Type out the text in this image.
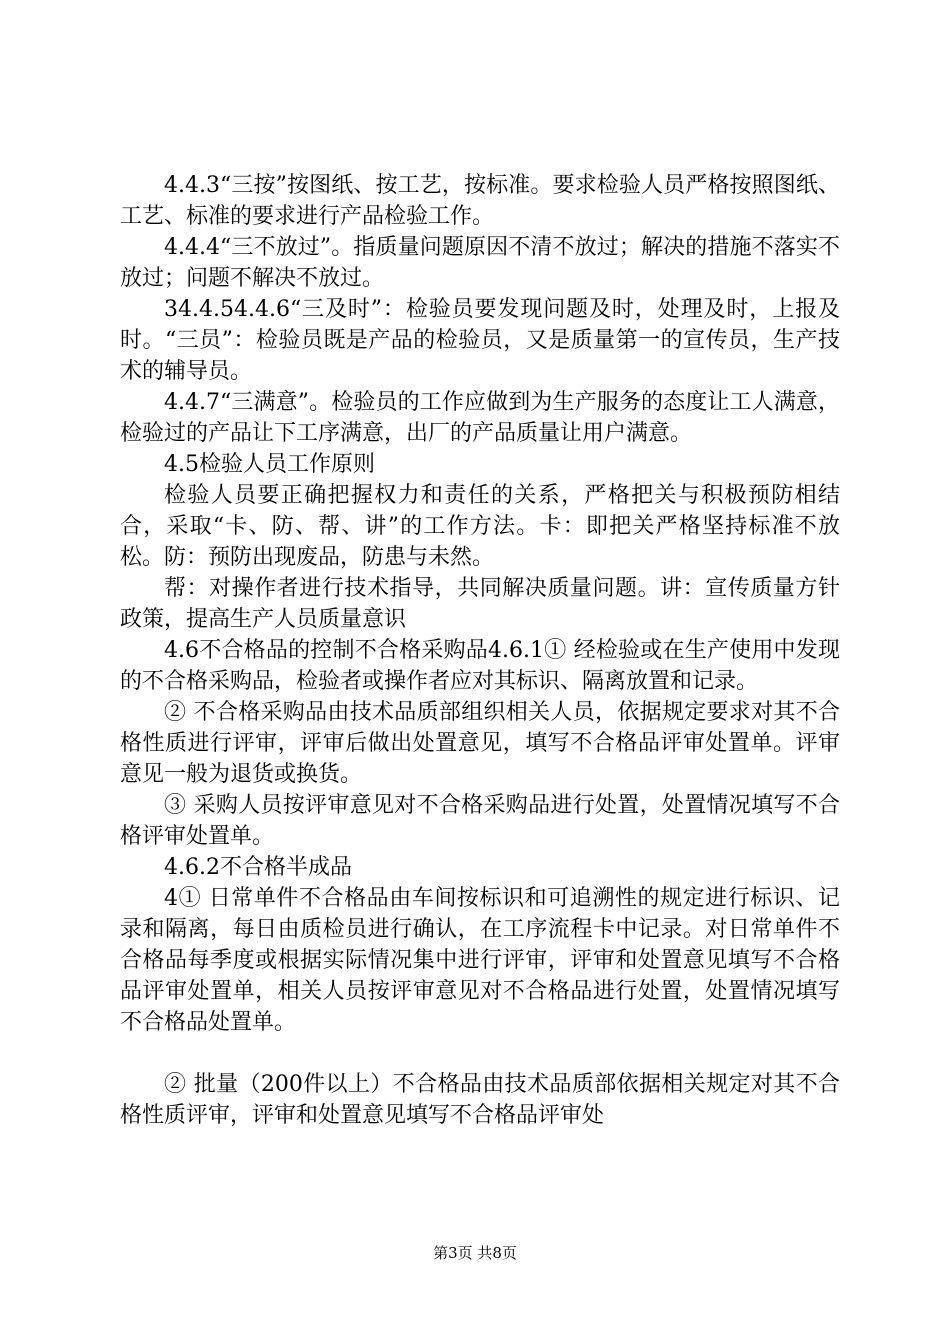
4.4.3“三按”按图纸、按工艺，按标准。要求检验人员严格按照图纸、工艺、标准的要求进行产品检验工作。

4.4.4“三不放过”。指质量问题原因不清不放过；解决的措施不落实不放过；问题不解决不放过。

34.4.54.4.6“三及时”：检验员要发现问题及时，处理及时，上报及时。“三员”：检验员既是产品的检验员，又是质量第一的宣传员，生产技术的辅导员。

4.4.7“三满意”。检验员的工作应做到为生产服务的态度让工人满意，检验过的产品让下工序满意，出厂的产品质量让用户满意。

4.5检验人员工作原则

检验人员要正确把握权力和责任的关系，严格把关与积极预防相结合，采取“卡、防、帮、讲”的工作方法。卡：即把关严格坚持标准不放松。防：预防出现废品，防患与未然。

帮：对操作者进行技术指导，共同解决质量问题。讲：宣传质量方针政策，提高生产人员质量意识

4.6不合格品的控制不合格采购品4.6.1① 经检验或在生产使用中发现的不合格采购品，检验者或操作者应对其标识、隔离放置和记录。

② 不合格采购品由技术品质部组织相关人员，依据规定要求对其不合格性质进行评审，评审后做出处置意见，填写不合格品评审处置单。评审意见一般为退货或换货。

③ 采购人员按评审意见对不合格采购品进行处置，处置情况填写不合格评审处置单。

4.6.2不合格半成品

4① 日常单件不合格品由车间按标识和可追溯性的规定进行标识、记录和隔离，每日由质检员进行确认，在工序流程卡中记录。对日常单件不合格品每季度或根据实际情况集中进行评审，评审和处置意见填写不合格品评审处置单，相关人员按评审意见对不合格品进行处置，处置情况填写不合格品处置单。

② 批量（200件以上）不合格品由技术品质部依据相关规定对其不合格性质评审，评审和处置意见填写不合格品评审处

第3页 共8页
